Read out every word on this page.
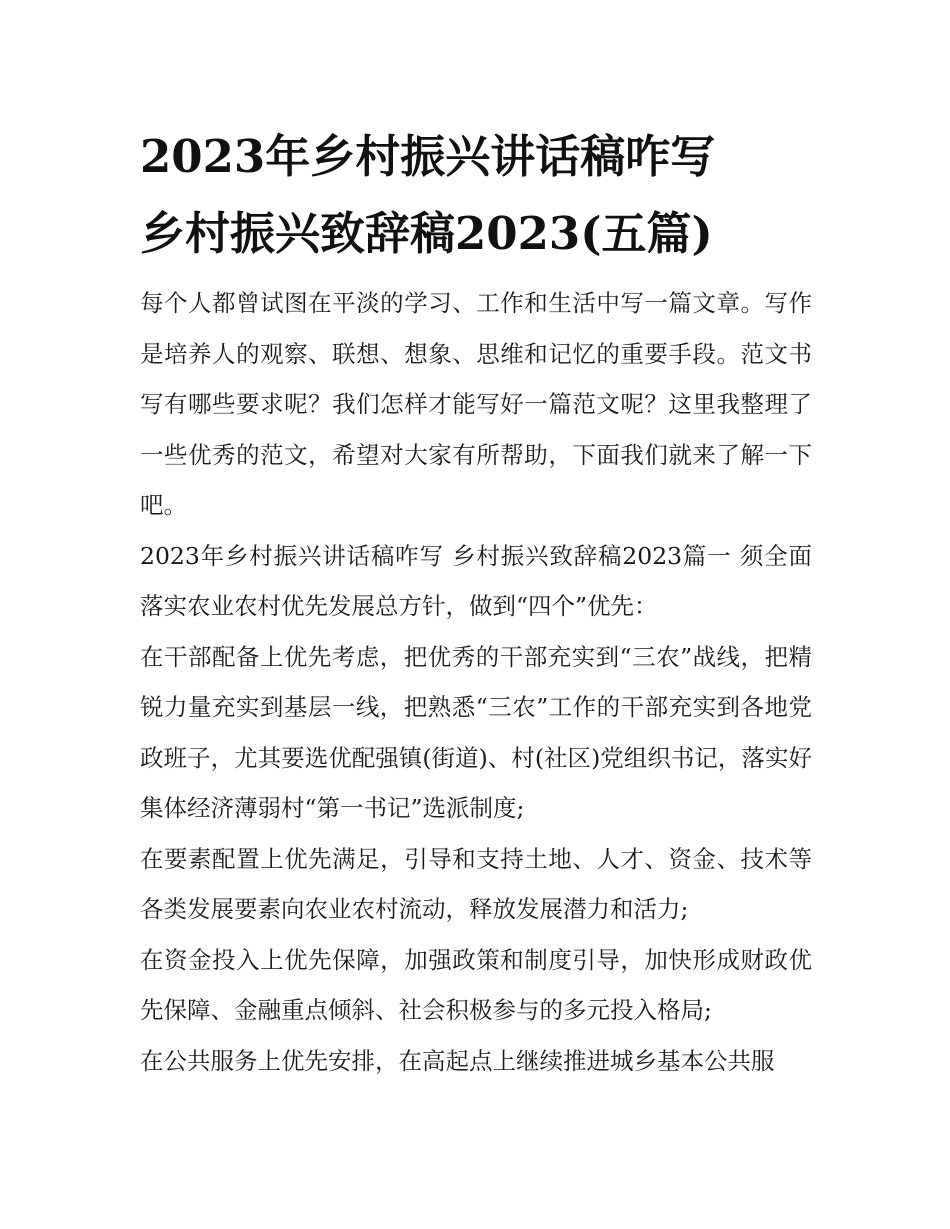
2023年乡村振兴讲话稿咋写
乡村振兴致辞稿2023(五篇)

每个人都曾试图在平淡的学习、工作和生活中写一篇文章。写作是培养人的观察、联想、想象、思维和记忆的重要手段。范文书写有哪些要求呢？我们怎样才能写好一篇范文呢？这里我整理了一些优秀的范文，希望对大家有所帮助，下面我们就来了解一下吧。

2023年乡村振兴讲话稿咋写 乡村振兴致辞稿2023篇一 须全面落实农业农村优先发展总方针，做到“四个”优先：

在干部配备上优先考虑，把优秀的干部充实到“三农”战线，把精锐力量充实到基层一线，把熟悉“三农”工作的干部充实到各地党政班子，尤其要选优配强镇(街道)、村(社区)党组织书记，落实好集体经济薄弱村“第一书记”选派制度;

在要素配置上优先满足，引导和支持土地、人才、资金、技术等各类发展要素向农业农村流动，释放发展潜力和活力;

在资金投入上优先保障，加强政策和制度引导，加快形成财政优先保障、金融重点倾斜、社会积极参与的多元投入格局;

在公共服务上优先安排，在高起点上继续推进城乡基本公共服
